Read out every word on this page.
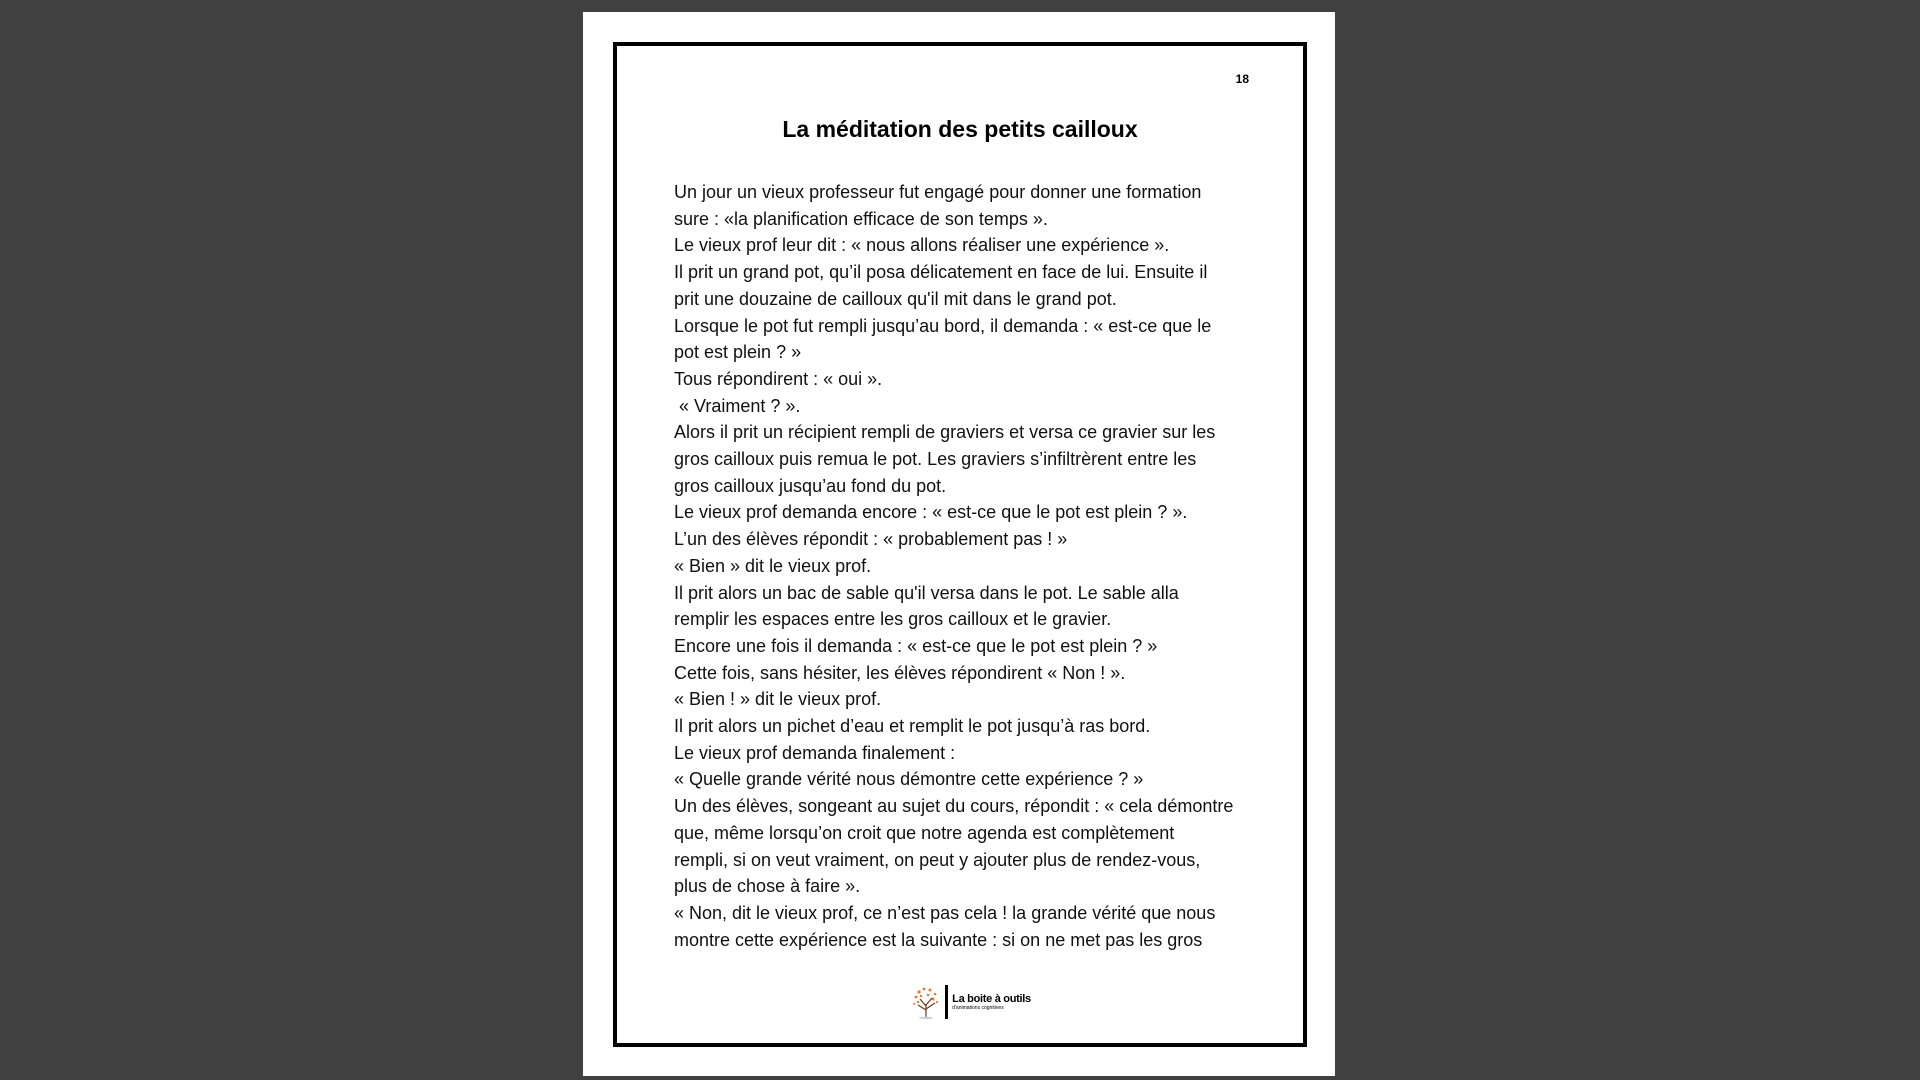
18
La méditation des petits cailloux
Un jour un vieux professeur fut engagé pour donner une formation
sure : «la planification efficace de son temps ».
Le vieux prof leur dit : « nous allons réaliser une expérience ».
Il prit un grand pot, qu’il posa délicatement en face de lui. Ensuite il
prit une douzaine de cailloux qu'il mit dans le grand pot.
Lorsque le pot fut rempli jusqu’au bord, il demanda : « est-ce que le
pot est plein ? »
Tous répondirent : « oui ».
« Vraiment ? ».
Alors il prit un récipient rempli de graviers et versa ce gravier sur les
gros cailloux puis remua le pot. Les graviers s’infiltrèrent entre les
gros cailloux jusqu’au fond du pot.
Le vieux prof demanda encore : « est-ce que le pot est plein ? ».
L’un des élèves répondit : « probablement pas ! »
« Bien » dit le vieux prof.
Il prit alors un bac de sable qu'il versa dans le pot. Le sable alla
remplir les espaces entre les gros cailloux et le gravier.
Encore une fois il demanda : « est-ce que le pot est plein ? »
Cette fois, sans hésiter, les élèves répondirent « Non ! ».
« Bien ! » dit le vieux prof.
Il prit alors un pichet d’eau et remplit le pot jusqu’à ras bord.
Le vieux prof demanda finalement :
« Quelle grande vérité nous démontre cette expérience ? »
Un des élèves, songeant au sujet du cours, répondit : « cela démontre
que, même lorsqu’on croit que notre agenda est complètement
rempli, si on veut vraiment, on peut y ajouter plus de rendez-vous,
plus de chose à faire ».
« Non, dit le vieux prof, ce n’est pas cela ! la grande vérité que nous
montre cette expérience est la suivante : si on ne met pas les gros
La boite à outils
d'animations cognitives
